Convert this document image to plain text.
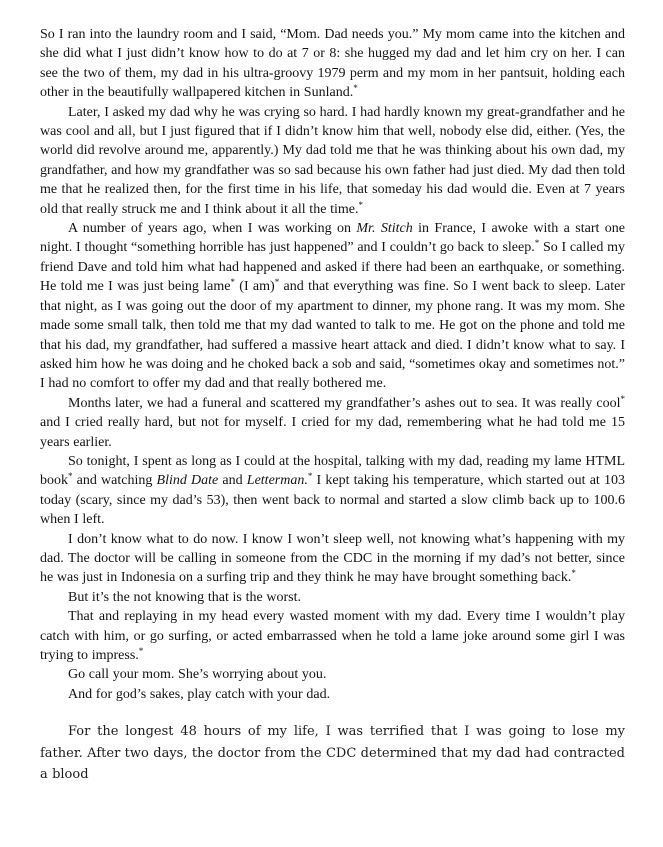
So I ran into the laundry room and I said, “Mom. Dad needs you.” My mom came into the kitchen and she did what I just didn’t know how to do at 7 or 8: she hugged my dad and let him cry on her. I can see the two of them, my dad in his ultra-groovy 1979 perm and my mom in her pantsuit, holding each other in the beautifully wallpapered kitchen in Sunland.*

Later, I asked my dad why he was crying so hard. I had hardly known my great-grandfather and he was cool and all, but I just figured that if I didn’t know him that well, nobody else did, either. (Yes, the world did revolve around me, apparently.) My dad told me that he was thinking about his own dad, my grandfather, and how my grandfather was so sad because his own father had just died. My dad then told me that he realized then, for the first time in his life, that someday his dad would die. Even at 7 years old that really struck me and I think about it all the time.*

A number of years ago, when I was working on Mr. Stitch in France, I awoke with a start one night. I thought “something horrible has just happened” and I couldn’t go back to sleep.* So I called my friend Dave and told him what had happened and asked if there had been an earthquake, or something. He told me I was just being lame* (I am)* and that everything was fine. So I went back to sleep. Later that night, as I was going out the door of my apartment to dinner, my phone rang. It was my mom. She made some small talk, then told me that my dad wanted to talk to me. He got on the phone and told me that his dad, my grandfather, had suffered a massive heart attack and died. I didn’t know what to say. I asked him how he was doing and he choked back a sob and said, “sometimes okay and sometimes not.” I had no comfort to offer my dad and that really bothered me.

Months later, we had a funeral and scattered my grandfather’s ashes out to sea. It was really cool* and I cried really hard, but not for myself. I cried for my dad, remembering what he had told me 15 years earlier.

So tonight, I spent as long as I could at the hospital, talking with my dad, reading my lame HTML book* and watching Blind Date and Letterman.* I kept taking his temperature, which started out at 103 today (scary, since my dad’s 53), then went back to normal and started a slow climb back up to 100.6 when I left.

I don’t know what to do now. I know I won’t sleep well, not knowing what’s happening with my dad. The doctor will be calling in someone from the CDC in the morning if my dad’s not better, since he was just in Indonesia on a surfing trip and they think he may have brought something back.*

But it’s the not knowing that is the worst.

That and replaying in my head every wasted moment with my dad. Every time I wouldn’t play catch with him, or go surfing, or acted embarrassed when he told a lame joke around some girl I was trying to impress.*

Go call your mom. She’s worrying about you.

And for god’s sakes, play catch with your dad.

For the longest 48 hours of my life, I was terrified that I was going to lose my father. After two days, the doctor from the CDC determined that my dad had contracted a blood
